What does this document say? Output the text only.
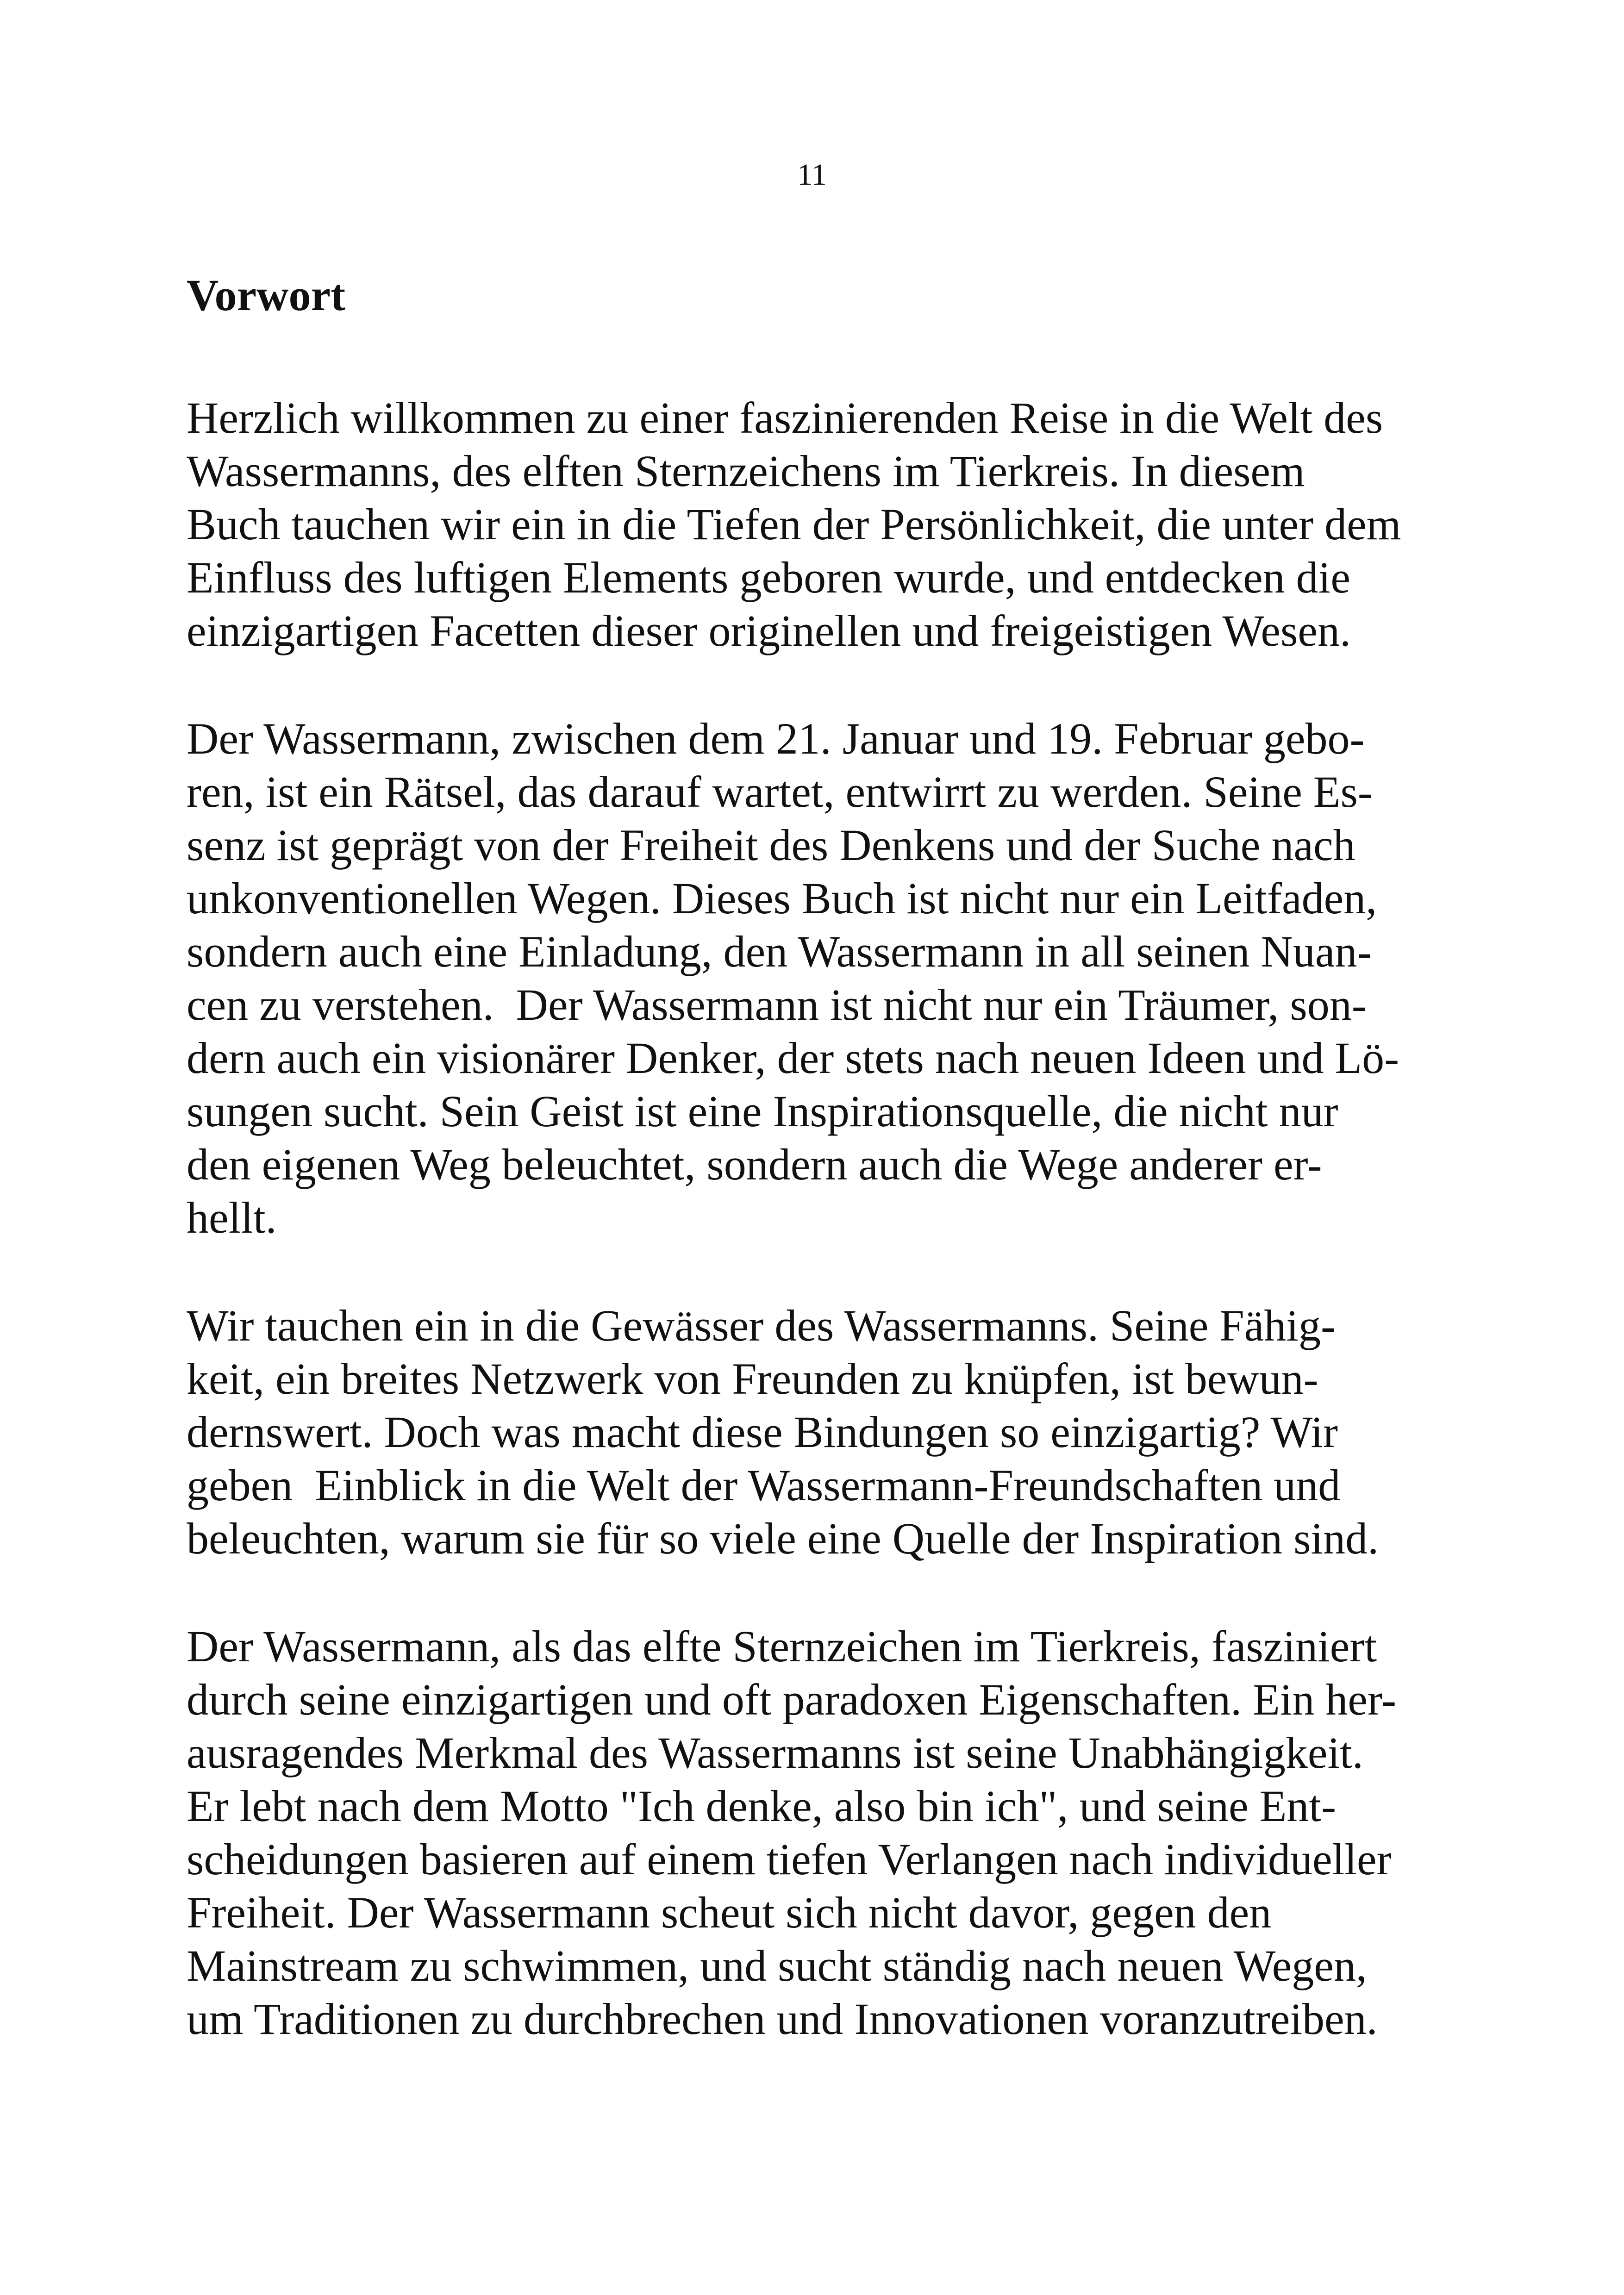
11
Vorwort

Herzlich willkommen zu einer faszinierenden Reise in die Welt des
Wassermanns, des elften Sternzeichens im Tierkreis. In diesem
Buch tauchen wir ein in die Tiefen der Persönlichkeit, die unter dem
Einfluss des luftigen Elements geboren wurde, und entdecken die
einzigartigen Facetten dieser originellen und freigeistigen Wesen.

Der Wassermann, zwischen dem 21. Januar und 19. Februar gebo-
ren, ist ein Rätsel, das darauf wartet, entwirrt zu werden. Seine Es-
senz ist geprägt von der Freiheit des Denkens und der Suche nach
unkonventionellen Wegen. Dieses Buch ist nicht nur ein Leitfaden,
sondern auch eine Einladung, den Wassermann in all seinen Nuan-
cen zu verstehen.  Der Wassermann ist nicht nur ein Träumer, son-
dern auch ein visionärer Denker, der stets nach neuen Ideen und Lö-
sungen sucht. Sein Geist ist eine Inspirationsquelle, die nicht nur
den eigenen Weg beleuchtet, sondern auch die Wege anderer er-
hellt.

Wir tauchen ein in die Gewässer des Wassermanns. Seine Fähig-
keit, ein breites Netzwerk von Freunden zu knüpfen, ist bewun-
dernswert. Doch was macht diese Bindungen so einzigartig? Wir
geben  Einblick in die Welt der Wassermann-Freundschaften und
beleuchten, warum sie für so viele eine Quelle der Inspiration sind.

Der Wassermann, als das elfte Sternzeichen im Tierkreis, fasziniert
durch seine einzigartigen und oft paradoxen Eigenschaften. Ein her-
ausragendes Merkmal des Wassermanns ist seine Unabhängigkeit.
Er lebt nach dem Motto "Ich denke, also bin ich", und seine Ent-
scheidungen basieren auf einem tiefen Verlangen nach individueller
Freiheit. Der Wassermann scheut sich nicht davor, gegen den
Mainstream zu schwimmen, und sucht ständig nach neuen Wegen,
um Traditionen zu durchbrechen und Innovationen voranzutreiben.
